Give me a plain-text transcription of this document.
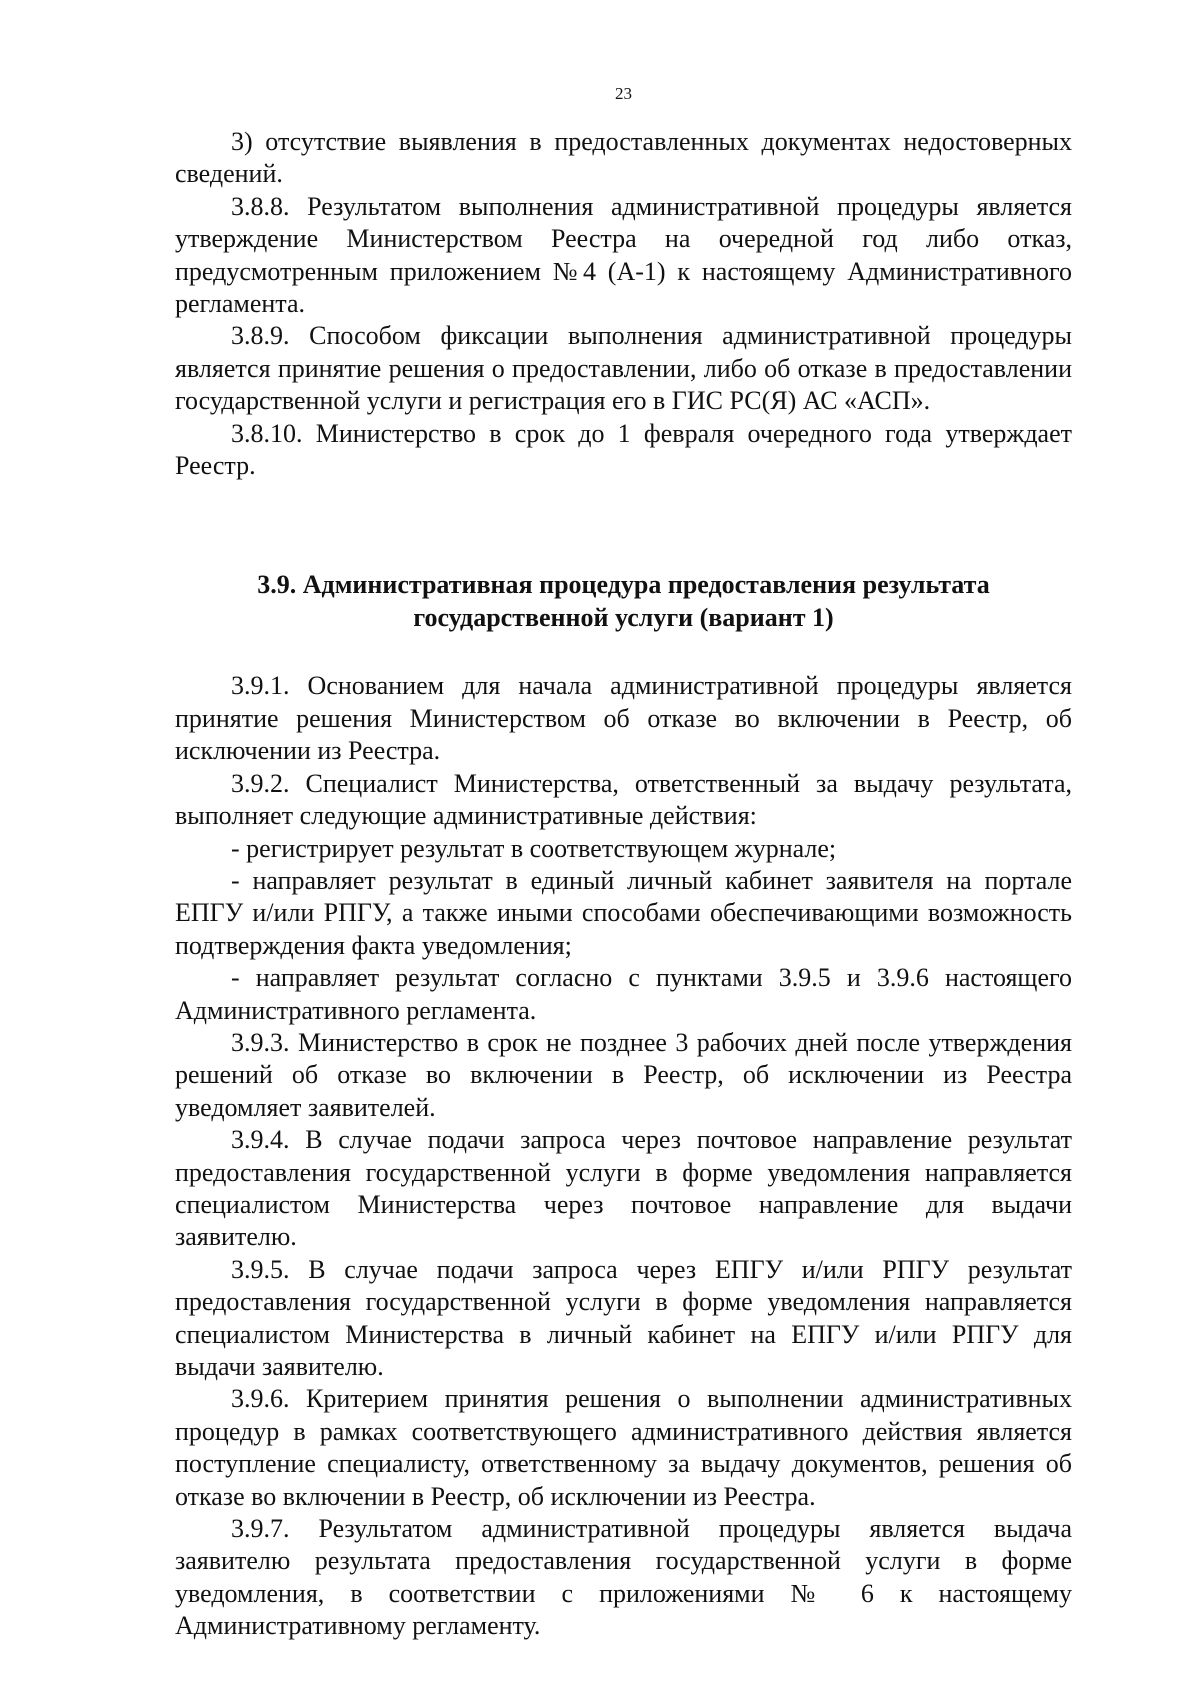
23

3) отсутствие выявления в предоставленных документах недостоверных сведений.

3.8.8. Результатом выполнения административной процедуры является утверждение Министерством Реестра на очередной год либо отказ, предусмотренным приложением №4 (А-1) к настоящему Административного регламента.

3.8.9. Способом фиксации выполнения административной процедуры является принятие решения о предоставлении, либо об отказе в предоставлении государственной услуги и регистрация его в ГИС РС(Я) АС «АСП».

3.8.10. Министерство в срок до 1 февраля очередного года утверждает Реестр.

3.9. Административная процедура предоставления результата
государственной услуги (вариант 1)

3.9.1. Основанием для начала административной процедуры является принятие решения Министерством об отказе во включении в Реестр, об исключении из Реестра.

3.9.2. Специалист Министерства, ответственный за выдачу результата, выполняет следующие административные действия:

- регистрирует результат в соответствующем журнале;

- направляет результат в единый личный кабинет заявителя на портале ЕПГУ и/или РПГУ, а также иными способами обеспечивающими возможность подтверждения факта уведомления;

- направляет результат согласно с пунктами 3.9.5 и 3.9.6 настоящего Административного регламента.

3.9.3. Министерство в срок не позднее 3 рабочих дней после утверждения решений об отказе во включении в Реестр, об исключении из Реестра уведомляет заявителей.

3.9.4. В случае подачи запроса через почтовое направление результат предоставления государственной услуги в форме уведомления направляется специалистом Министерства через почтовое направление для выдачи заявителю.

3.9.5. В случае подачи запроса через ЕПГУ и/или РПГУ результат предоставления государственной услуги в форме уведомления направляется специалистом Министерства в личный кабинет на ЕПГУ и/или РПГУ для выдачи заявителю.

3.9.6. Критерием принятия решения о выполнении административных процедур в рамках соответствующего административного действия является поступление специалисту, ответственному за выдачу документов, решения об отказе во включении в Реестр, об исключении из Реестра.

3.9.7. Результатом административной процедуры является выдача заявителю результата предоставления государственной услуги в форме уведомления, в соответствии с приложениями № 6 к настоящему Административному регламенту.
